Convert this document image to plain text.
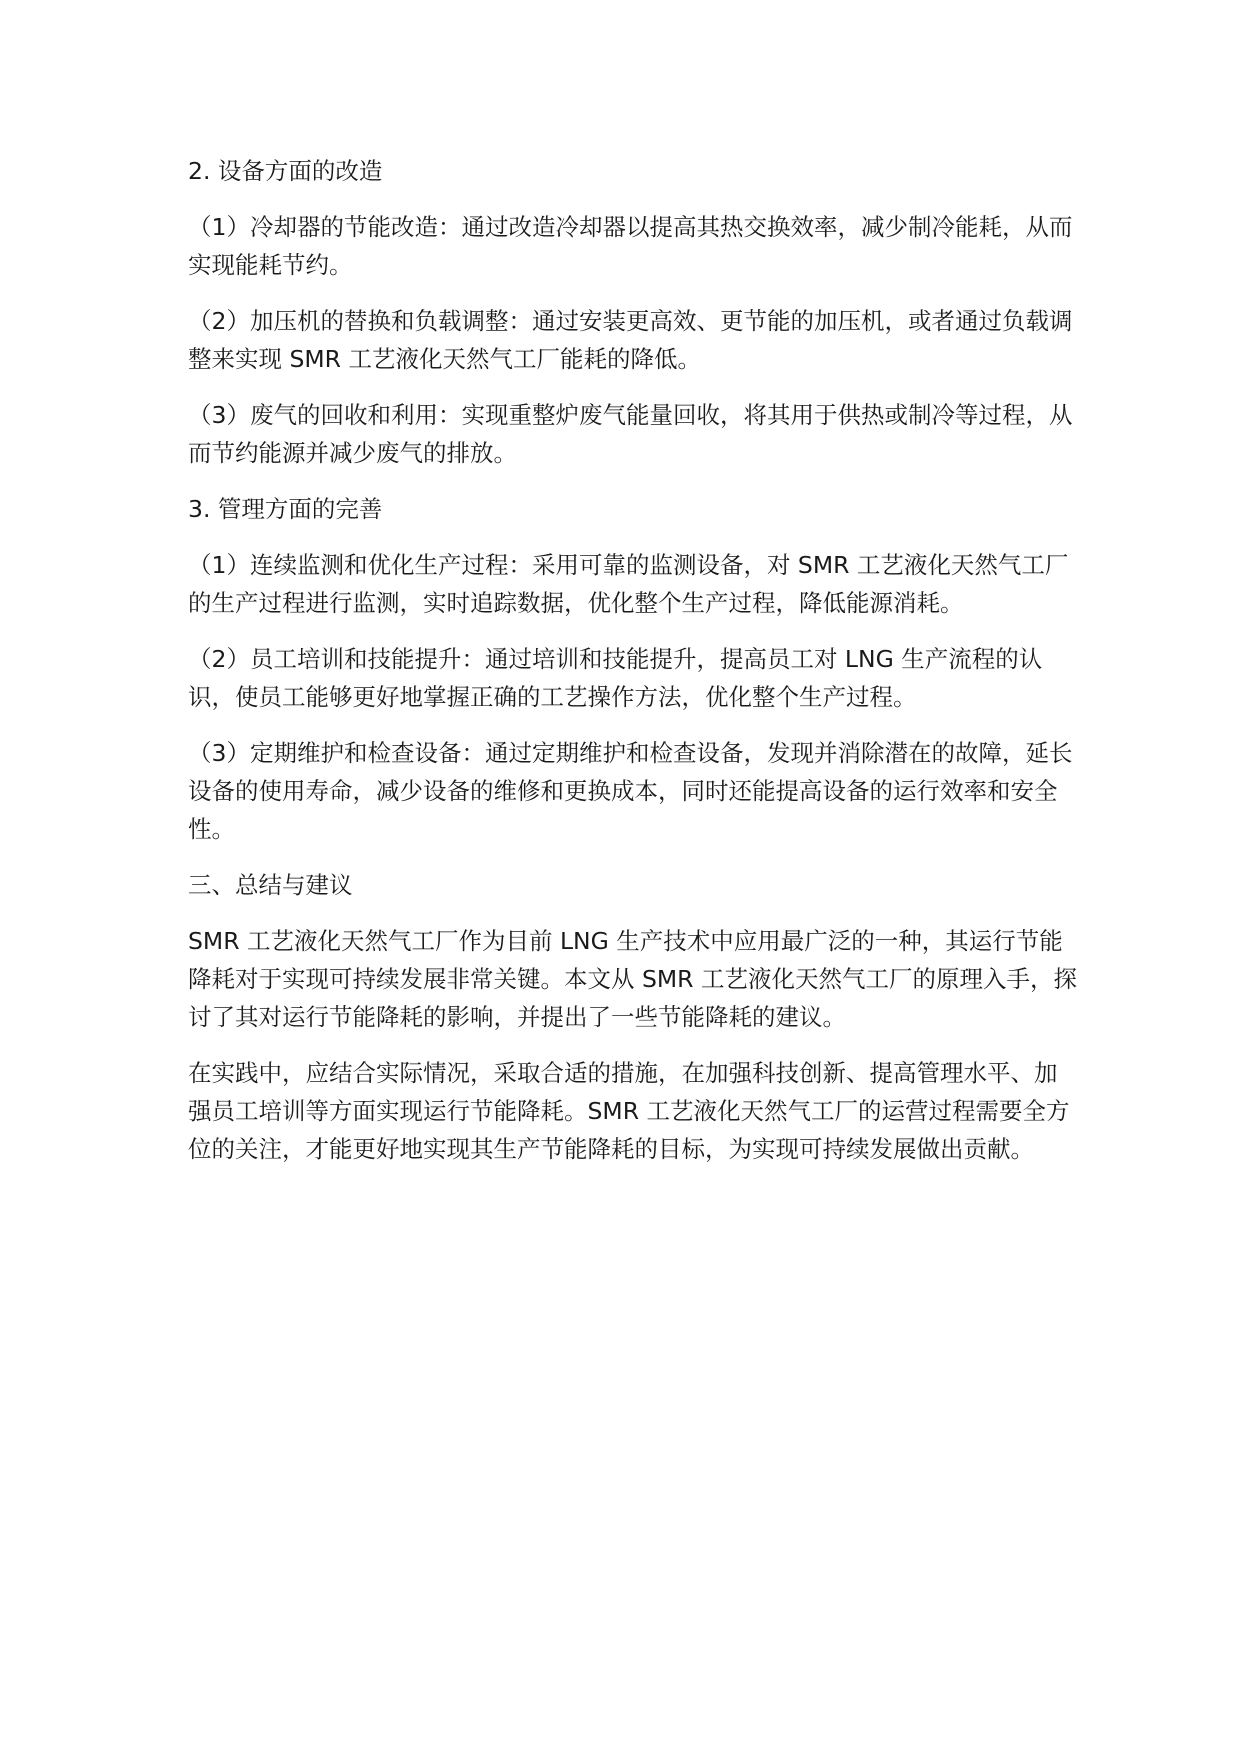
2. 设备方面的改造

（1）冷却器的节能改造：通过改造冷却器以提高其热交换效率，减少制冷能耗，从而实现能耗节约。

（2）加压机的替换和负载调整：通过安装更高效、更节能的加压机，或者通过负载调整来实现 SMR 工艺液化天然气工厂能耗的降低。

（3）废气的回收和利用：实现重整炉废气能量回收，将其用于供热或制冷等过程，从而节约能源并减少废气的排放。

3. 管理方面的完善

（1）连续监测和优化生产过程：采用可靠的监测设备，对 SMR 工艺液化天然气工厂的生产过程进行监测，实时追踪数据，优化整个生产过程，降低能源消耗。

（2）员工培训和技能提升：通过培训和技能提升，提高员工对 LNG 生产流程的认识，使员工能够更好地掌握正确的工艺操作方法，优化整个生产过程。

（3）定期维护和检查设备：通过定期维护和检查设备，发现并消除潜在的故障，延长设备的使用寿命，减少设备的维修和更换成本，同时还能提高设备的运行效率和安全性。

三、总结与建议

SMR 工艺液化天然气工厂作为目前 LNG 生产技术中应用最广泛的一种，其运行节能降耗对于实现可持续发展非常关键。本文从 SMR 工艺液化天然气工厂的原理入手，探讨了其对运行节能降耗的影响，并提出了一些节能降耗的建议。

在实践中，应结合实际情况，采取合适的措施，在加强科技创新、提高管理水平、加强员工培训等方面实现运行节能降耗。SMR 工艺液化天然气工厂的运营过程需要全方位的关注，才能更好地实现其生产节能降耗的目标，为实现可持续发展做出贡献。
